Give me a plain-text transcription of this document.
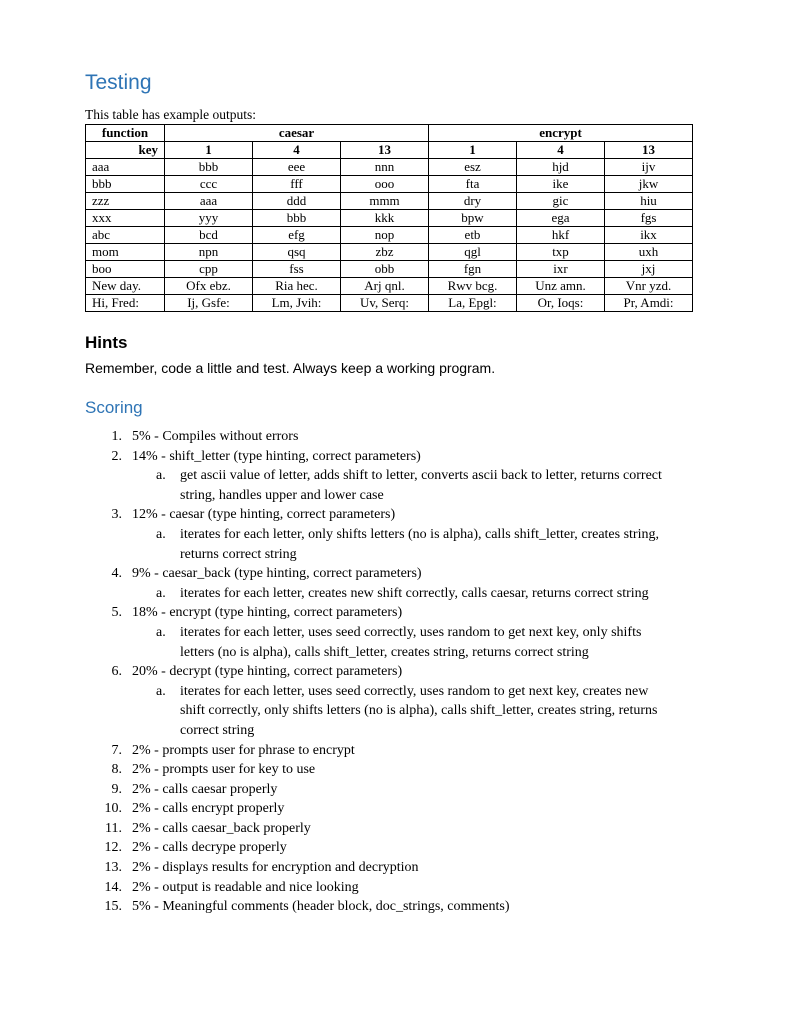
Testing
This table has example outputs:
function	caesar			encrypt		
key	1	4	13	1	4	13
aaa	bbb	eee	nnn	esz	hjd	ijv
bbb	ccc	fff	ooo	fta	ike	jkw
zzz	aaa	ddd	mmm	dry	gic	hiu
xxx	yyy	bbb	kkk	bpw	ega	fgs
abc	bcd	efg	nop	etb	hkf	ikx
mom	npn	qsq	zbz	qgl	txp	uxh
boo	cpp	fss	obb	fgn	ixr	jxj
New day.	Ofx ebz.	Ria hec.	Arj qnl.	Rwv bcg.	Unz amn.	Vnr yzd.
Hi, Fred:	Ij, Gsfe:	Lm, Jvih:	Uv, Serq:	La, Epgl:	Or, Ioqs:	Pr, Amdi:
Hints
Remember, code a little and test. Always keep a working program.
Scoring
1. 5% - Compiles without errors
2. 14% - shift_letter (type hinting, correct parameters)
a. get ascii value of letter, adds shift to letter, converts ascii back to letter, returns correct string, handles upper and lower case
3. 12% - caesar (type hinting, correct parameters)
a. iterates for each letter, only shifts letters (no is alpha), calls shift_letter, creates string, returns correct string
4. 9% - caesar_back (type hinting, correct parameters)
a. iterates for each letter, creates new shift correctly, calls caesar, returns correct string
5. 18% - encrypt (type hinting, correct parameters)
a. iterates for each letter, uses seed correctly, uses random to get next key, only shifts letters (no is alpha), calls shift_letter, creates string, returns correct string
6. 20% - decrypt (type hinting, correct parameters)
a. iterates for each letter, uses seed correctly, uses random to get next key, creates new shift correctly, only shifts letters (no is alpha), calls shift_letter, creates string, returns correct string
7. 2% - prompts user for phrase to encrypt
8. 2% - prompts user for key to use
9. 2% - calls caesar properly
10. 2% - calls encrypt properly
11. 2% - calls caesar_back properly
12. 2% - calls decrype properly
13. 2% - displays results for encryption and decryption
14. 2% - output is readable and nice looking
15. 5% - Meaningful comments (header block, doc_strings, comments)
